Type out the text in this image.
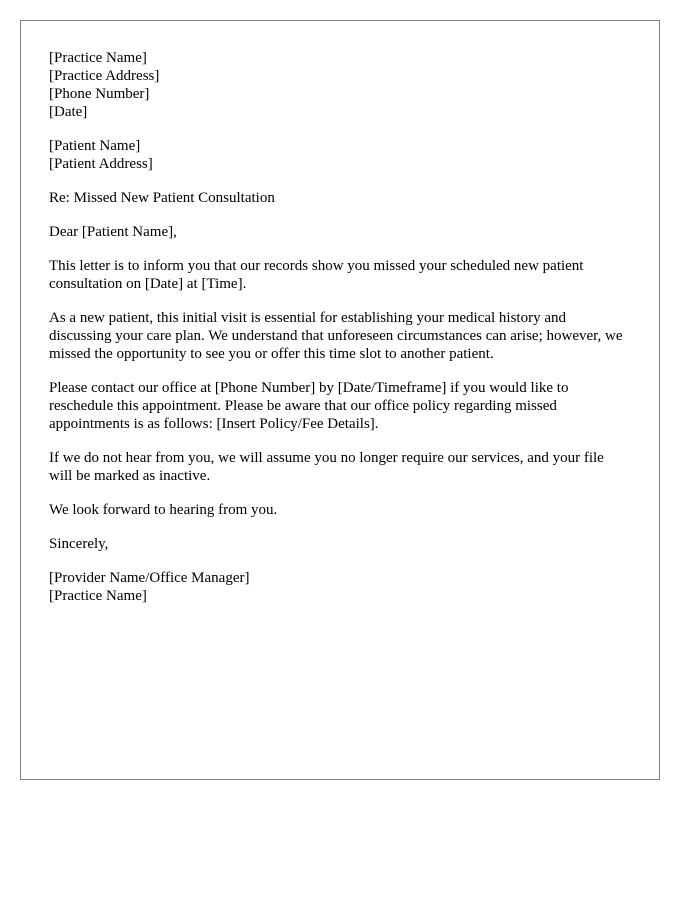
[Practice Name]
[Practice Address]
[Phone Number]
[Date]
[Patient Name]
[Patient Address]

Re: Missed New Patient Consultation

Dear [Patient Name],

This letter is to inform you that our records show you missed your scheduled new patient consultation on [Date] at [Time].

As a new patient, this initial visit is essential for establishing your medical history and discussing your care plan. We understand that unforeseen circumstances can arise; however, we missed the opportunity to see you or offer this time slot to another patient.

Please contact our office at [Phone Number] by [Date/Timeframe] if you would like to reschedule this appointment. Please be aware that our office policy regarding missed appointments is as follows: [Insert Policy/Fee Details].

If we do not hear from you, we will assume you no longer require our services, and your file will be marked as inactive.

We look forward to hearing from you.

Sincerely,

[Provider Name/Office Manager]
[Practice Name]
